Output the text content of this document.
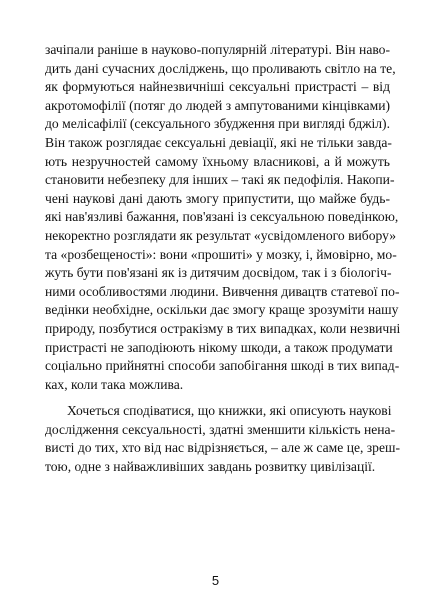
зачіпали раніше в науково-популярній літературі. Він наво-
дить дані сучасних досліджень, що проливають світло на те,
як формуються найнезвичніші сексуальні пристрасті – від
акротомофілії (потяг до людей з ампутованими кінцівками)
до мелісафілії (сексуального збудження при вигляді бджіл).
Він також розглядає сексуальні девіації, які не тільки завда-
ють незручностей самому їхньому власникові, а й можуть
становити небезпеку для інших – такі як педофілія. Накопи-
чені наукові дані дають змогу припустити, що майже будь-
які нав'язливі бажання, пов'язані із сексуальною поведінкою,
некоректно розглядати як результат «усвідомленого вибору»
та «розбещеності»: вони «прошиті» у мозку, і, ймовірно, мо-
жуть бути пов'язані як із дитячим досвідом, так і з біологіч-
ними особливостями людини. Вивчення дивацтв статевої по-
ведінки необхідне, оскільки дає змогу краще зрозуміти нашу
природу, позбутися остракізму в тих випадках, коли незвичні
пристрасті не заподіюють нікому шкоди, а також продумати
соціально прийнятні способи запобігання шкоді в тих випад-
ках, коли така можлива.

Хочеться сподіватися, що книжки, які описують наукові
дослідження сексуальності, здатні зменшити кількість нена-
висті до тих, хто від нас відрізняється, – але ж саме це, зреш-
тою, одне з найважливіших завдань розвитку цивілізації.

5
